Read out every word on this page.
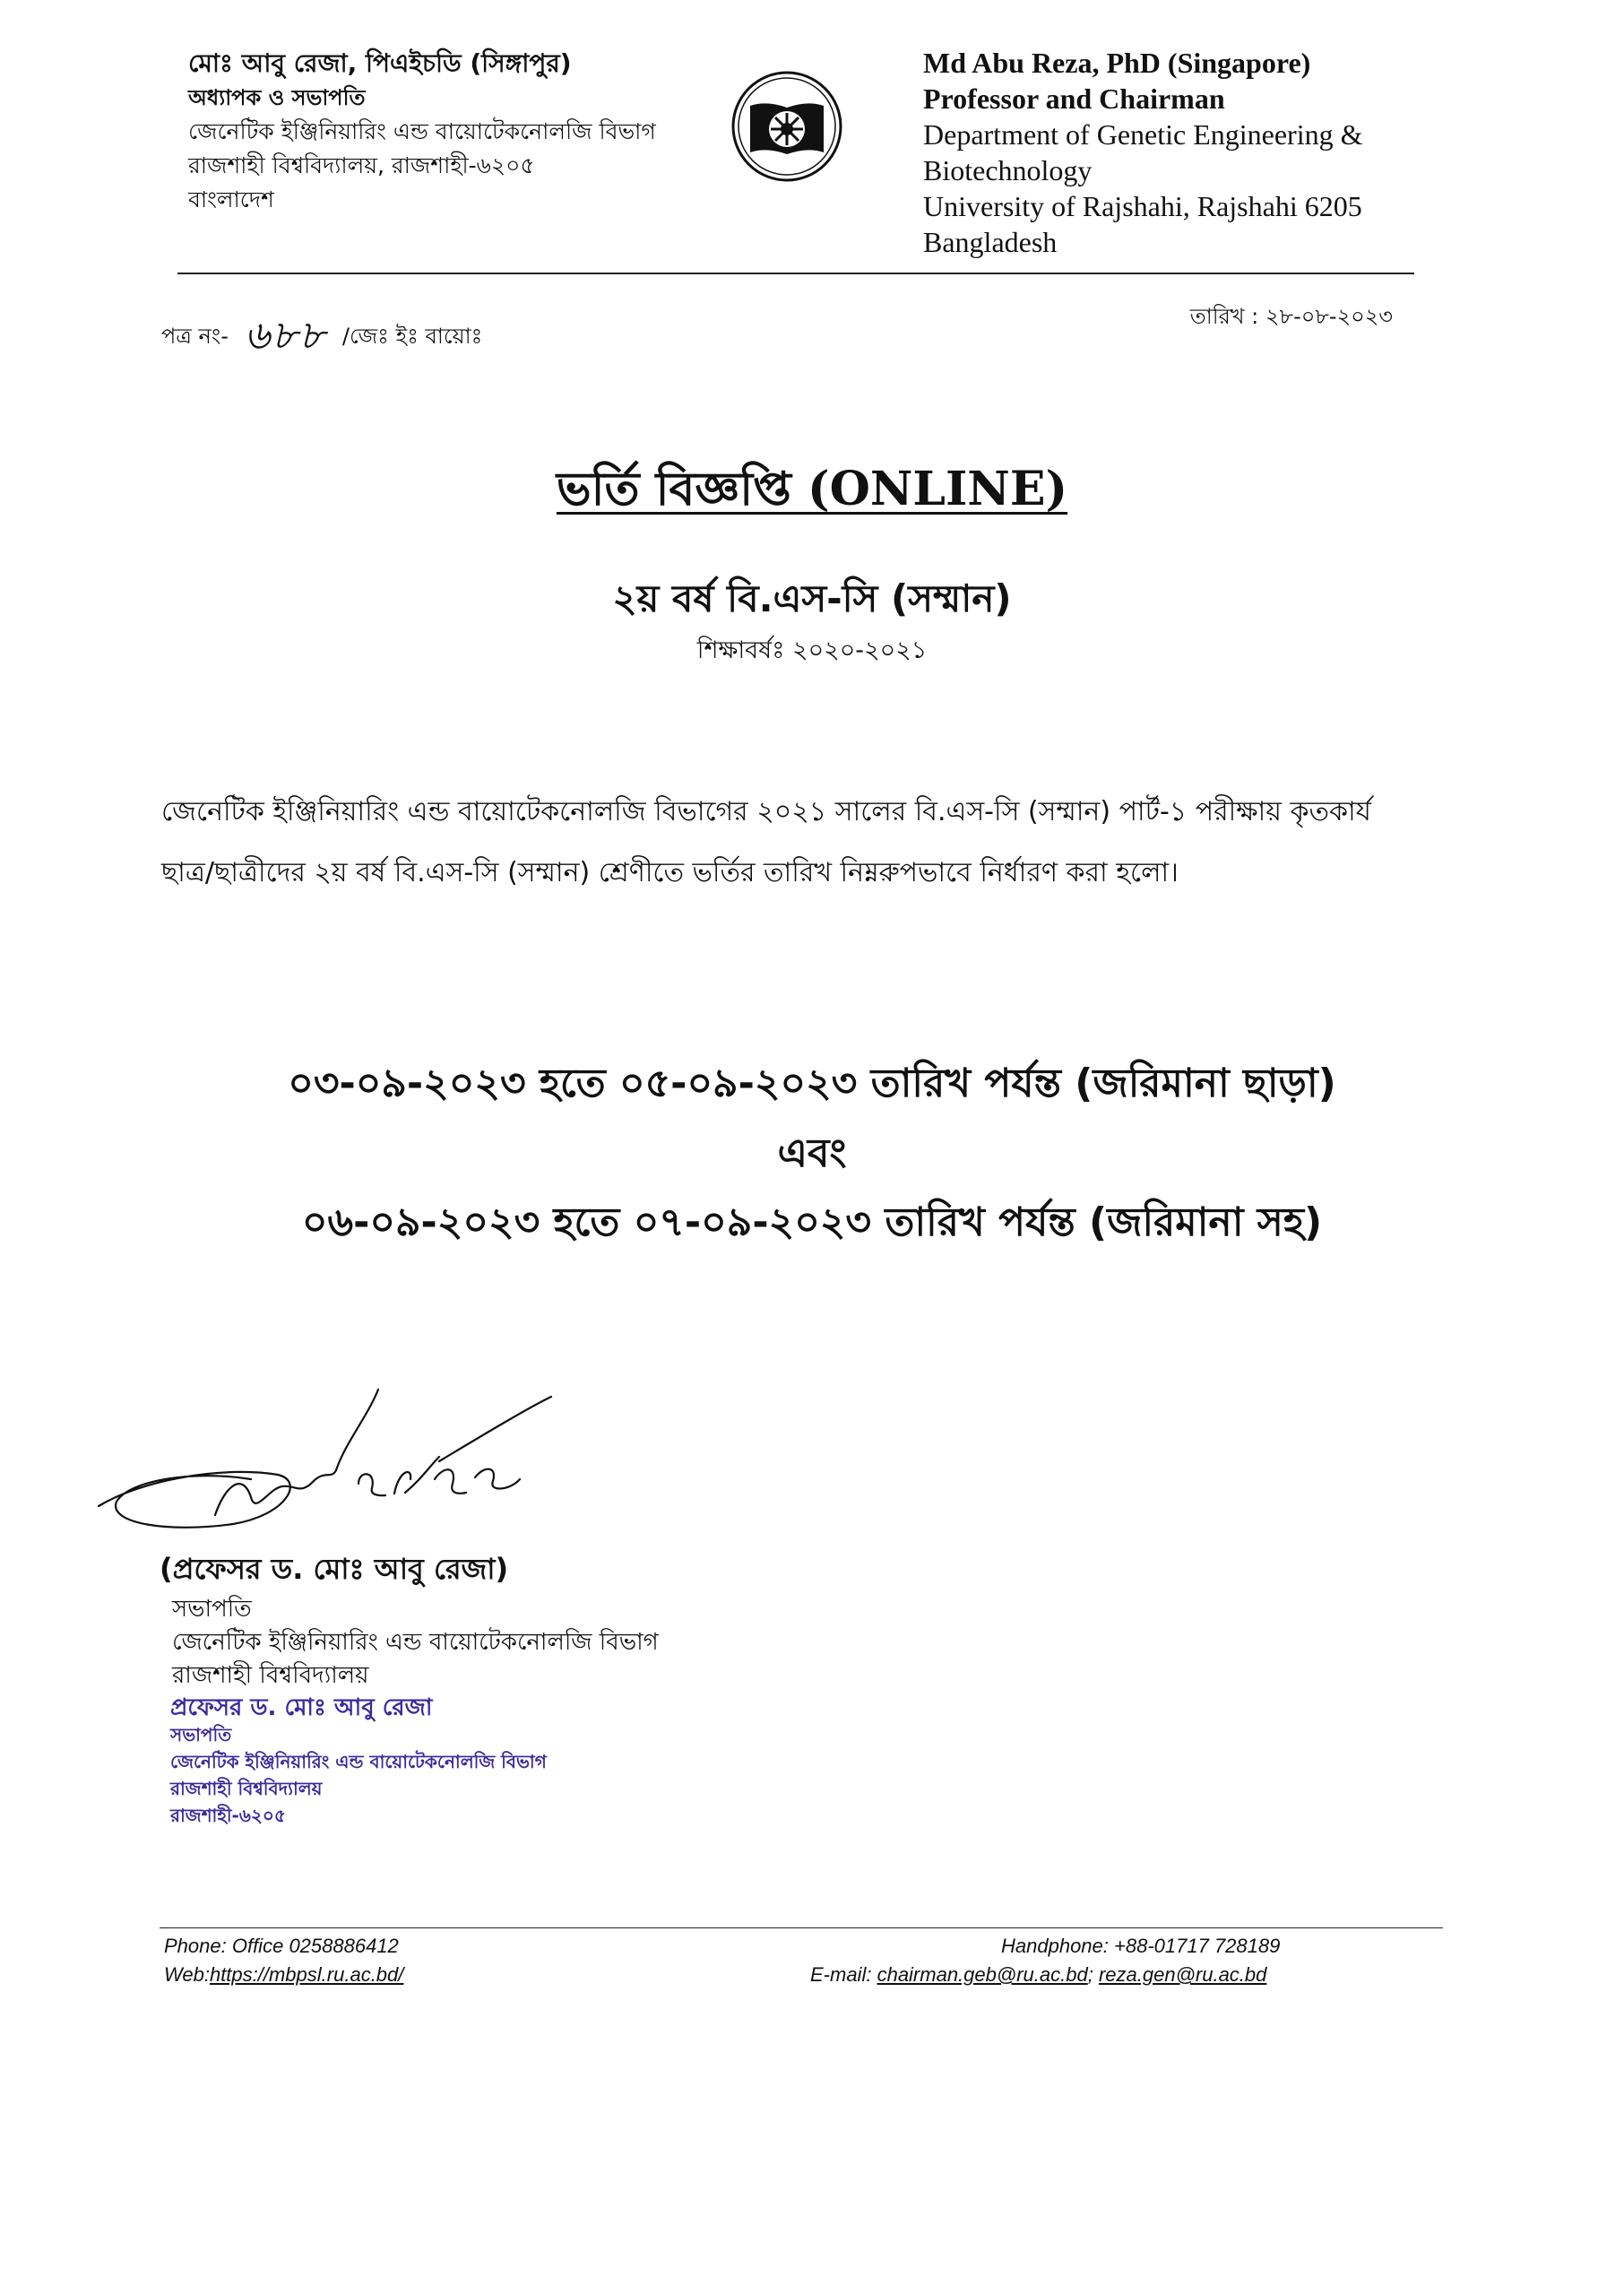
মোঃ আবু রেজা, পিএইচডি (সিঙ্গাপুর)
অধ্যাপক ও সভাপতি
জেনেটিক ইঞ্জিনিয়ারিং এন্ড বায়োটেকনোলজি বিভাগ
রাজশাহী বিশ্ববিদ্যালয়, রাজশাহী-৬২০৫
বাংলাদেশ
Md Abu Reza, PhD (Singapore)
Professor and Chairman
Department of Genetic Engineering &
Biotechnology
University of Rajshahi, Rajshahi 6205
Bangladesh
পত্র নং- ৬৮৮ /জেঃ ইঃ বায়োঃ
তারিখ : ২৮-০৮-২০২৩
ভর্তি বিজ্ঞপ্তি (ONLINE)
২য় বর্ষ বি.এস-সি (সম্মান)
শিক্ষাবর্ষঃ ২০২০-২০২১
জেনেটিক ইঞ্জিনিয়ারিং এন্ড বায়োটেকনোলজি বিভাগের ২০২১ সালের বি.এস-সি (সম্মান) পার্ট-১ পরীক্ষায় কৃতকার্য
ছাত্র/ছাত্রীদের ২য় বর্ষ বি.এস-সি (সম্মান) শ্রেণীতে ভর্তির তারিখ নিম্নরুপভাবে নির্ধারণ করা হলো।
০৩-০৯-২০২৩ হতে ০৫-০৯-২০২৩ তারিখ পর্যন্ত (জরিমানা ছাড়া)
এবং
০৬-০৯-২০২৩ হতে ০৭-০৯-২০২৩ তারিখ পর্যন্ত (জরিমানা সহ)
(প্রফেসর ড. মোঃ আবু রেজা)
সভাপতি
জেনেটিক ইঞ্জিনিয়ারিং এন্ড বায়োটেকনোলজি বিভাগ
রাজশাহী বিশ্ববিদ্যালয়
প্রফেসর ড. মোঃ আবু রেজা
সভাপতি
জেনেটিক ইঞ্জিনিয়ারিং এন্ড বায়োটেকনোলজি বিভাগ
রাজশাহী বিশ্ববিদ্যালয়
রাজশাহী-৬২০৫
Phone: Office 0258886412
Web:https://mbpsl.ru.ac.bd/
Handphone: +88-01717 728189
E-mail: chairman.geb@ru.ac.bd; reza.gen@ru.ac.bd
